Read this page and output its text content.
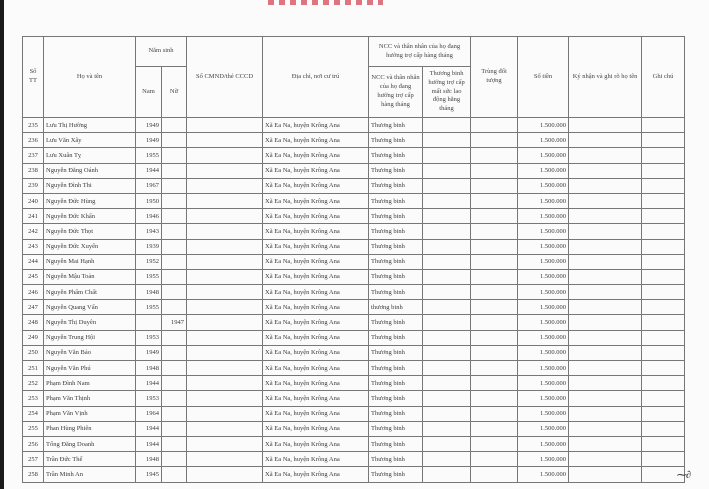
Số TT	Họ và tên	Năm sinh		Số CMND/thẻ CCCD	Địa chỉ, nơi cư trú	NCC và thân nhân của họ đang hưởng trợ cấp hàng tháng		Trùng đối tượng	Số tiền	Ký nhận và ghi rõ họ tên	Ghi chú
		Nam	Nữ			NCC và thân nhân của họ đang hưởng trợ cấp hàng tháng	Thương binh hưởng trợ cấp mất sức lao động hằng tháng				
235	Lưu Thị Hường	1949			Xã Ea Na, huyện Krông Ana	Thương binh			1.500.000		
236	Lưu Văn Xây	1949			Xã Ea Na, huyện Krông Ana	Thương binh			1.500.000		
237	Lưu Xuân Tỵ	1955			Xã Ea Na, huyện Krông Ana	Thương binh			1.500.000		
238	Nguyễn Đăng Oánh	1944			Xã Ea Na, huyện Krông Ana	Thương binh			1.500.000		
239	Nguyễn Đình Thi	1967			Xã Ea Na, huyện Krông Ana	Thương binh			1.500.000		
240	Nguyễn Đức Hùng	1950			Xã Ea Na, huyện Krông Ana	Thương binh			1.500.000		
241	Nguyễn Đức Khẩn	1946			Xã Ea Na, huyện Krông Ana	Thương binh			1.500.000		
242	Nguyễn Đức Thọt	1943			Xã Ea Na, huyện Krông Ana	Thương binh			1.500.000		
243	Nguyễn Đức Xuyến	1939			Xã Ea Na, huyện Krông Ana	Thương binh			1.500.000		
244	Nguyễn Mai Hạnh	1952			Xã Ea Na, huyện Krông Ana	Thương binh			1.500.000		
245	Nguyễn Mậu Toản	1955			Xã Ea Na, huyện Krông Ana	Thương binh			1.500.000		
246	Nguyễn Phẩm Chất	1948			Xã Ea Na, huyện Krông Ana	Thương binh			1.500.000		
247	Nguyễn Quang Vấn	1955			Xã Ea Na, huyện Krông Ana	thương binh			1.500.000		
248	Nguyễn Thị Duyên		1947		Xã Ea Na, huyện Krông Ana	Thương binh			1.500.000		
249	Nguyễn Trung Hội	1953			Xã Ea Na, huyện Krông Ana	Thương binh			1.500.000		
250	Nguyễn Văn Bảo	1949			Xã Ea Na, huyện Krông Ana	Thương binh			1.500.000		
251	Nguyễn Văn Phú	1948			Xã Ea Na, huyện Krông Ana	Thương binh			1.500.000		
252	Phạm Đình Nam	1944			Xã Ea Na, huyện Krông Ana	Thương binh			1.500.000		
253	Phạm Văn Thịnh	1953			Xã Ea Na, huyện Krông Ana	Thương binh			1.500.000		
254	Phạm Văn Vịnh	1964			Xã Ea Na, huyện Krông Ana	Thương binh			1.500.000		
255	Phan Hùng Phiên	1944			Xã Ea Na, huyện Krông Ana	Thương binh			1.500.000		
256	Tống Đăng Doanh	1944			Xã Ea Na, huyện Krông Ana	Thương binh			1.500.000		
257	Trần Đức Thế	1948			Xã Ea Na, huyện Krông Ana	Thương binh			1.500.000		
258	Trần Minh An	1945			Xã Ea Na, huyện Krông Ana	Thương binh			1.500.000			⁓∂
